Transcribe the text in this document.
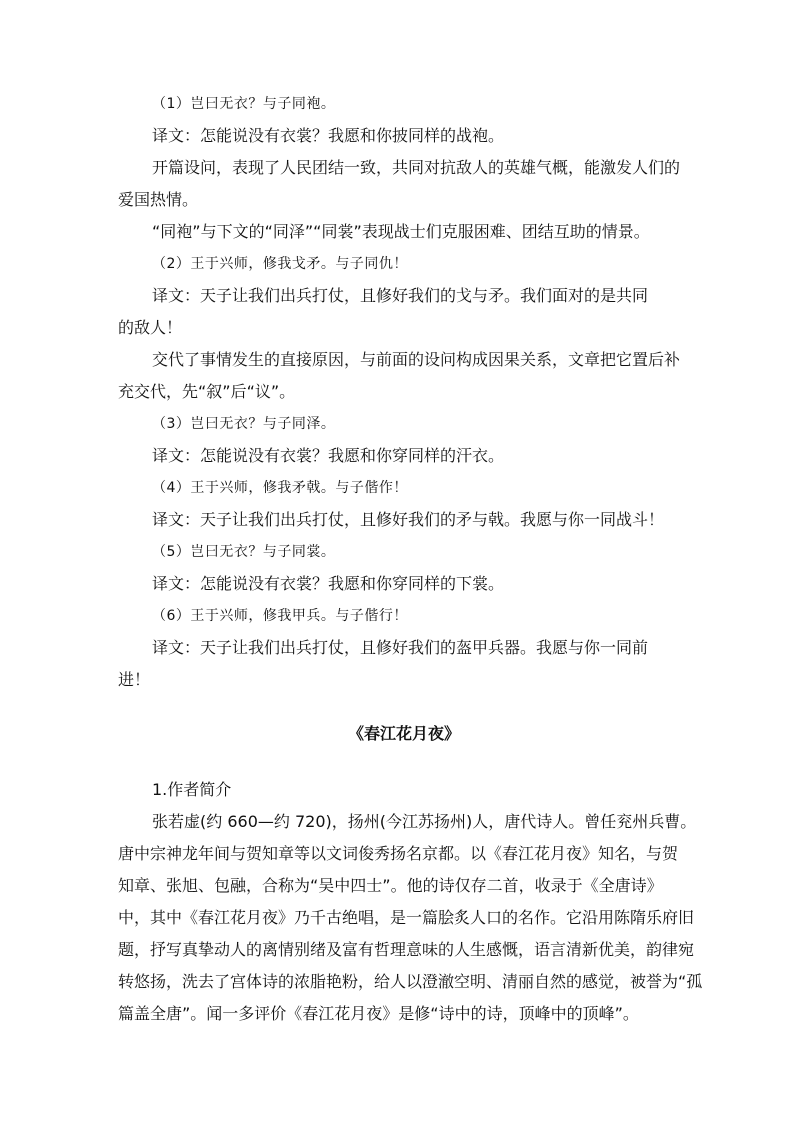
（1）岂曰无衣？与子同袍。

译文：怎能说没有衣裳？我愿和你披同样的战袍。

开篇设问，表现了人民团结一致，共同对抗敌人的英雄气概，能激发人们的

爱国热情。

“同袍”与下文的“同泽”“同裳”表现战士们克服困难、团结互助的情景。

（2）王于兴师，修我戈矛。与子同仇！

译文：天子让我们出兵打仗，且修好我们的戈与矛。我们面对的是共同

的敌人！

交代了事情发生的直接原因，与前面的设问构成因果关系，文章把它置后补

充交代，先“叙”后“议”。

（3）岂曰无衣？与子同泽。

译文：怎能说没有衣裳？我愿和你穿同样的汗衣。

（4）王于兴师，修我矛戟。与子偕作！

译文：天子让我们出兵打仗，且修好我们的矛与戟。我愿与你一同战斗！

（5）岂曰无衣？与子同裳。

译文：怎能说没有衣裳？我愿和你穿同样的下裳。

（6）王于兴师，修我甲兵。与子偕行！

译文：天子让我们出兵打仗，且修好我们的盔甲兵器。我愿与你一同前

进！

《春江花月夜》

1.作者简介

张若虚(约 660—约 720)，扬州(今江苏扬州)人，唐代诗人。曾任兖州兵曹。

唐中宗神龙年间与贺知章等以文词俊秀扬名京都。以《春江花月夜》知名，与贺

知章、张旭、包融，合称为“吴中四士”。他的诗仅存二首，收录于《全唐诗》

中，其中《春江花月夜》乃千古绝唱，是一篇脍炙人口的名作。它沿用陈隋乐府旧

题，抒写真挚动人的离情别绪及富有哲理意味的人生感慨，语言清新优美，韵律宛

转悠扬，洗去了宫体诗的浓脂艳粉，给人以澄澈空明、清丽自然的感觉，被誉为“孤

篇盖全唐”。闻一多评价《春江花月夜》是修“诗中的诗，顶峰中的顶峰”。
